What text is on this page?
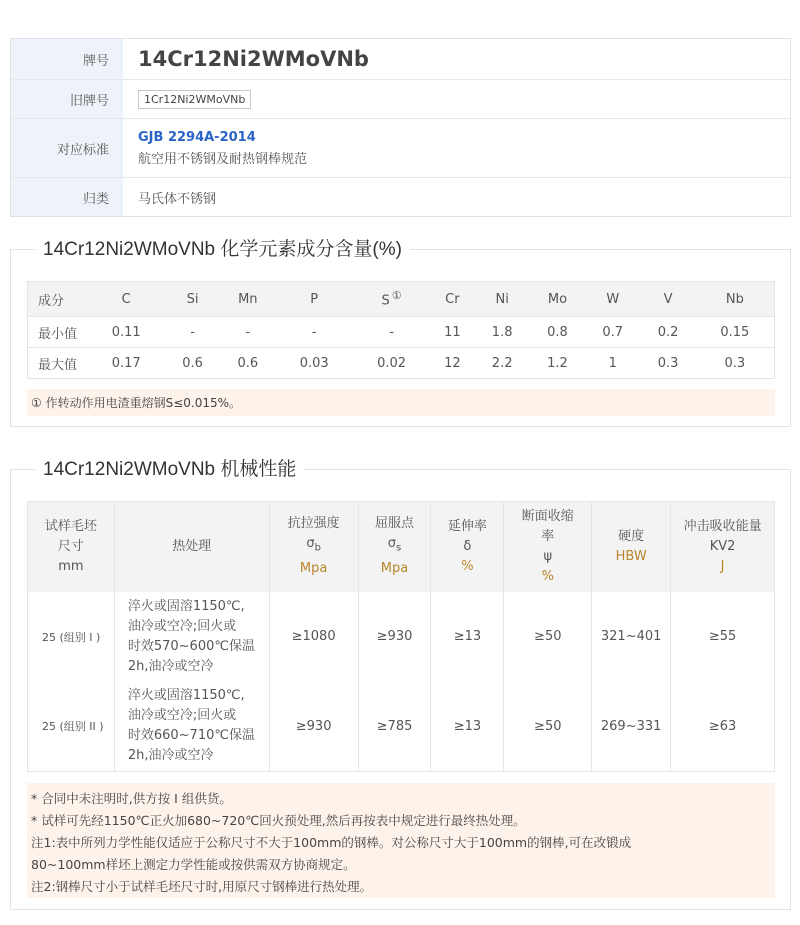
牌号	14Cr12Ni2WMoVNb
旧牌号	1Cr12Ni2WMoVNb
对应标准
GJB 2294A-2014
航空用不锈钢及耐热钢棒规范
归类	马氏体不锈钢
14Cr12Ni2WMoVNb 化学元素成分含量(%)
成分	C	Si	Mn	P	S ①	Cr	Ni	Mo	W	V	Nb
最小值	0.11	-	-	-	-	11	1.8	0.8	0.7	0.2	0.15
最大值	0.17	0.6	0.6	0.03	0.02	12	2.2	1.2	1	0.3	0.3
① 作转动作用电渣重熔钢S≤0.015%。
14Cr12Ni2WMoVNb 机械性能
试样毛坯
尺寸
mm	热处理	抗拉强度
$\sigma_b$
Mpa	屈服点
$\sigma_s$
Mpa	延伸率
δ
%	断面收缩
率
ψ
%	硬度
HBW	冲击吸收能量
KV2
J

25 (组别 I )	淬火或固溶1150℃,
油冷或空冷;回火或
时效570~600℃保温
2h,油冷或空冷	≥1080	≥930	≥13	≥50	321~401	≥55
25 (组别 II )	淬火或固溶1150℃,
油冷或空冷;回火或
时效660~710℃保温
2h,油冷或空冷	≥930	≥785	≥13	≥50	269~331	≥63
* 合同中未注明时,供方按 Ⅰ 组供货。
* 试样可先经1150℃正火加680~720℃回火预处理,然后再按表中规定进行最终热处理。
注1:表中所列力学性能仅适应于公称尺寸不大于100mm的钢棒。对公称尺寸大于100mm的钢棒,可在改锻成
80~100mm样坯上测定力学性能或按供需双方协商规定。
注2:钢棒尺寸小于试样毛坯尺寸时,用原尺寸钢棒进行热处理。
